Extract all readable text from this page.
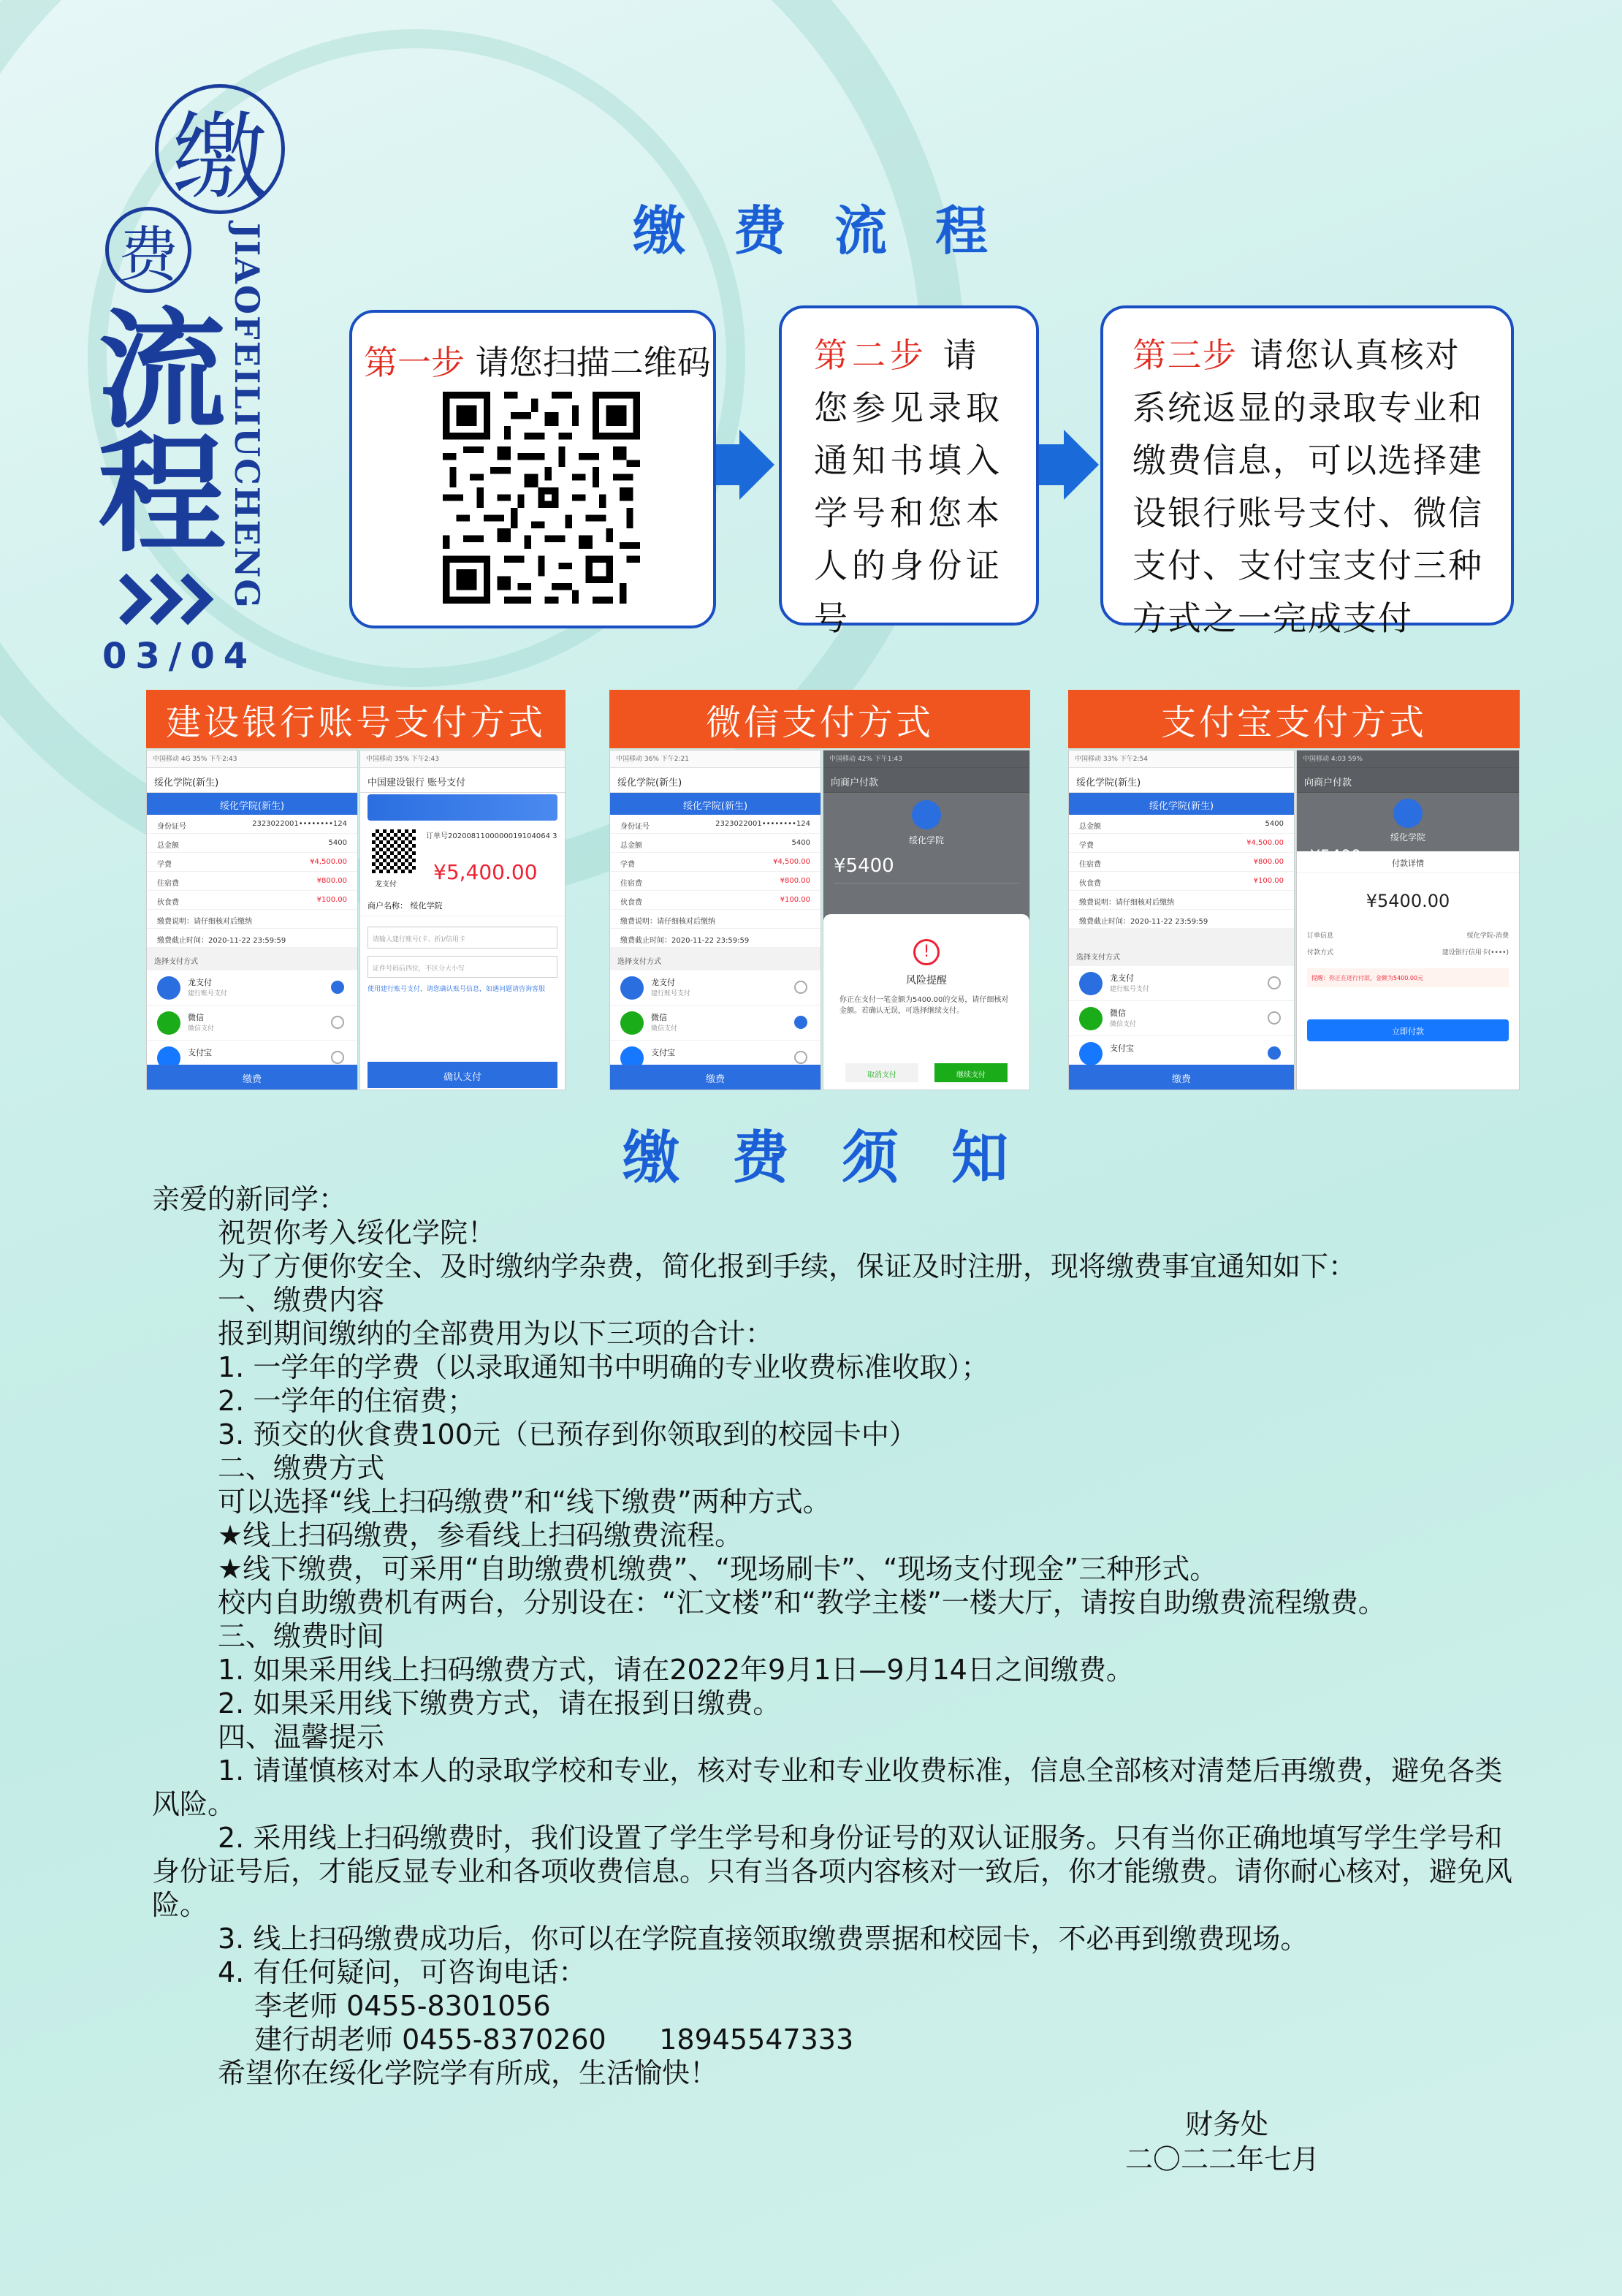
缴
费
流
程 JIAOFEILIUCHENG
03/04
缴费流程
第一步 请您扫描二维码	第二步 请您参见录取通知书填入学号和您本人的身份证号
第三步 请您认真核对系统返显的录取专业和缴费信息，可以选择建设银行账号支付、微信支付、支付宝支付三种方式之一完成支付
建设银行账号支付方式	微信支付方式	支付宝支付方式
中国移动 4G 35% 下午2:43
绥化学院(新生)
绥化学院(新生)
身份证号	2323022001••••••••124
总金额	5400
学费	¥4,500.00
住宿费	¥800.00
伙食费	¥100.00
缴费说明：请仔细核对后缴纳
缴费截止时间：2020-11-22 23:59:59
选择支付方式
龙支付
建行账号支付
微信
微信支付
支付宝
缴费
中国移动 35% 下午2:43
中国建设银行 账号支付
龙支付
订单号2020081100000019104064 3
¥5,400.00
商户名称： 绥化学院
请输入建行账号(卡、折)/信用卡
证件号码后四位，不区分大小写
使用建行账号支付，请您确认账号信息，如遇问题请咨询客服
确认支付
中国移动 36% 下午2:21
绥化学院(新生)
绥化学院(新生)
身份证号	2323022001••••••••124
总金额	5400
学费	¥4,500.00
住宿费	¥800.00
伙食费	¥100.00
缴费说明：请仔细核对后缴纳
缴费截止时间：2020-11-22 23:59:59
选择支付方式
龙支付
建行账号支付
微信
微信支付
支付宝
缴费
中国移动 42% 下午1:43
向商户付款
绥化学院
¥5400
!
风险提醒
你正在支付一笔金额为5400.00的交易，请仔细核对金额。若确认无误，可选择继续支付。
取消支付	继续支付
中国移动 33% 下午2:54
绥化学院(新生)
绥化学院(新生)
总金额	5400
学费	¥4,500.00
住宿费	¥800.00
伙食费	¥100.00
缴费说明：请仔细核对后缴纳
缴费截止时间：2020-11-22 23:59:59
选择支付方式
龙支付
建行账号支付
微信
微信支付
支付宝
缴费
中国移动 4:03 59%
向商户付款
绥化学院
付款详情
¥5400.00
订单信息	绥化学院-消费
付款方式	建设银行信用卡(••••)
提醒：你正在进行付款，金额为5400.00元
立即付款
缴费须知

亲爱的新同学：

祝贺你考入绥化学院！

为了方便你安全、及时缴纳学杂费，简化报到手续，保证及时注册，现将缴费事宜通知如下：

一、缴费内容

报到期间缴纳的全部费用为以下三项的合计：

1. 一学年的学费（以录取通知书中明确的专业收费标准收取）；

2. 一学年的住宿费；

3. 预交的伙食费100元（已预存到你领取到的校园卡中）

二、缴费方式

可以选择“线上扫码缴费”和“线下缴费”两种方式。

★线上扫码缴费，参看线上扫码缴费流程。

★线下缴费，可采用“自助缴费机缴费”、“现场刷卡”、“现场支付现金”三种形式。

校内自助缴费机有两台，分别设在：“汇文楼”和“教学主楼”一楼大厅，请按自助缴费流程缴费。

三、缴费时间

1. 如果采用线上扫码缴费方式，请在2022年9月1日—9月14日之间缴费。

2. 如果采用线下缴费方式，请在报到日缴费。

四、温馨提示

1. 请谨慎核对本人的录取学校和专业，核对专业和专业收费标准，信息全部核对清楚后再缴费，避免各类风险。

2. 采用线上扫码缴费时，我们设置了学生学号和身份证号的双认证服务。只有当你正确地填写学生学号和身份证号后，才能反显专业和各项收费信息。只有当各项内容核对一致后，你才能缴费。请你耐心核对，避免风险。

3. 线上扫码缴费成功后，你可以在学院直接领取缴费票据和校园卡，不必再到缴费现场。

4. 有任何疑问，可咨询电话：

李老师 0455-8301056

建行胡老师 0455-8370260      18945547333

希望你在绥化学院学有所成，生活愉快！

财务处
二〇二二年七月
